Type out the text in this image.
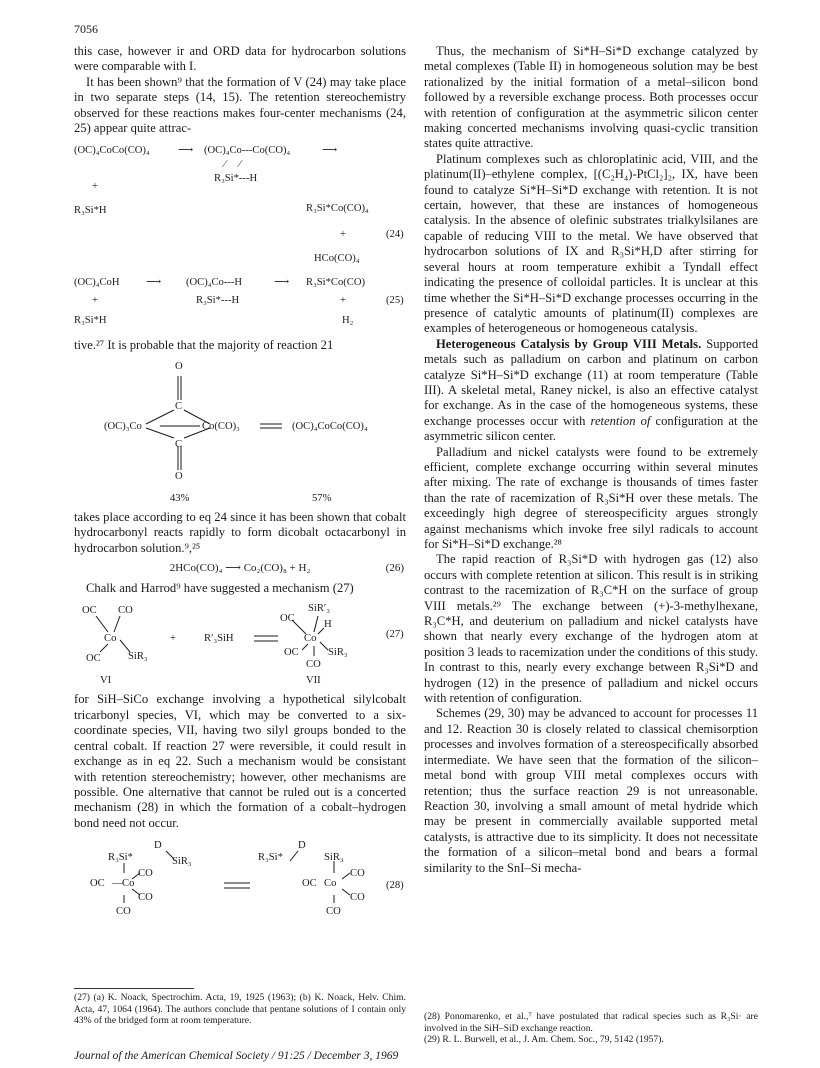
7056

this case, however ir and ORD data for hydrocarbon solutions were comparable with I.

It has been shown⁹ that the formation of V (24) may take place in two separate steps (14, 15). The retention stereochemistry observed for these reactions makes four-center mechanisms (24, 25) appear quite attrac-

(OC)₄CoCo(CO)₄	⟶ (OC)₄Co---Co(CO)₄	⟶
⁄     ⁄
R₃Si*---H
+
R₃Si*H	R₃Si*Co(CO)₄
+	(24)
HCo(CO)₄
(OC)₄CoH	⟶ (OC)₄Co---H	⟶ R₃Si*Co(CO)
+	R₃Si*---H	+	(25)
R₃Si*H	H₂

tive.²⁷ It is probable that the majority of reaction 21

O
C
(OC)₃Co	Co(CO)₃	(OC)₄CoCo(CO)₄
C
O
43%	57%

takes place according to eq 24 since it has been shown that cobalt hydrocarbonyl reacts rapidly to form dicobalt octacarbonyl in hydrocarbon solution.⁹,²⁵

2HCo(CO)₄ ⟶ Co₂(CO)₈ + H₂	(26)

Chalk and Harrod⁹ have suggested a mechanism (27)

OC CO
Co	+	R′₃SiH
OC	SiR₃
VI
SiR′₃
OC
H
(27)
Co
OC	SiR₃
CO
VII

for SiH–SiCo exchange involving a hypothetical silylcobalt tricarbonyl species, VI, which may be converted to a six-coordinate species, VII, having two silyl groups bonded to the central cobalt. If reaction 27 were reversible, it could result in exchange as in eq 22. Such a mechanism would be consistant with retention stereochemistry; however, other mechanisms are possible. One alternative that cannot be ruled out is a concerted mechanism (28) in which the formation of a cobalt–hydrogen bond need not occur.

D	D
R₃Si*	SiR₃	R₃Si*	SiR₃
CO	CO
OC — Co	OC Co	(28)
CO	CO
CO	CO

Thus, the mechanism of Si*H–Si*D exchange catalyzed by metal complexes (Table II) in homogeneous solution may be best rationalized by the initial formation of a metal–silicon bond followed by a reversible exchange process. Both processes occur with retention of configuration at the asymmetric silicon center making concerted mechanisms involving quasi-cyclic transition states quite attractive.

Platinum complexes such as chloroplatinic acid, VIII, and the platinum(II)–ethylene complex, [(C₂H₄)-PtCl₂]₂, IX, have been found to catalyze Si*H–Si*D exchange with retention. It is not certain, however, that these are instances of homogeneous catalysis. In the absence of olefinic substrates trialkylsilanes are capable of reducing VIII to the metal. We have observed that hydrocarbon solutions of IX and R₃Si*H,D after stirring for several hours at room temperature exhibit a Tyndall effect indicating the presence of colloidal particles. It is unclear at this time whether the Si*H–Si*D exchange processes occurring in the presence of catalytic amounts of platinum(II) complexes are examples of heterogeneous or homogeneous catalysis.

Heterogeneous Catalysis by Group VIII Metals. Supported metals such as palladium on carbon and platinum on carbon catalyze Si*H–Si*D exchange (11) at room temperature (Table III). A skeletal metal, Raney nickel, is also an effective catalyst for exchange. As in the case of the homogeneous systems, these exchange processes occur with retention of configuration at the asymmetric silicon center.

Palladium and nickel catalysts were found to be extremely efficient, complete exchange occurring within several minutes after mixing. The rate of exchange is thousands of times faster than the rate of racemization of R₃Si*H over these metals. The exceedingly high degree of stereospecificity argues strongly against mechanisms which invoke free silyl radicals to account for Si*H–Si*D exchange.²⁸

The rapid reaction of R₃Si*D with hydrogen gas (12) also occurs with complete retention at silicon. This result is in striking contrast to the racemization of R₃C*H on the surface of group VIII metals.²⁹ The exchange between (+)-3-methylhexane, R₃C*H, and deuterium on palladium and nickel catalysts have shown that nearly every exchange of the hydrogen atom at position 3 leads to racemization under the conditions of this study. In contrast to this, nearly every exchange between R₃Si*D and hydrogen (12) in the presence of palladium and nickel occurs with retention of configuration.

Schemes (29, 30) may be advanced to account for processes 11 and 12. Reaction 30 is closely related to classical chemisorption processes and involves formation of a stereospecifically absorbed intermediate. We have seen that the formation of the silicon–metal bond with group VIII metal complexes occurs with retention; thus the surface reaction 29 is not unreasonable. Reaction 30, involving a small amount of metal hydride which may be present in commercially available supported metal catalysts, is attractive due to its simplicity. It does not necessitate the formation of a silicon–metal bond and bears a formal similarity to the SnI–Si mecha-

(27) (a) K. Noack, Spectrochim. Acta, 19, 1925 (1963); (b) K. Noack, Helv. Chim. Acta, 47, 1064 (1964). The authors conclude that pentane solutions of I contain only 43% of the bridged form at room temperature.	(28) Ponomarenko, et al.,⁷ have postulated that radical species such as R₃Si· are involved in the SiH–SiD exchange reaction.
(29) R. L. Burwell, et al., J. Am. Chem. Soc., 79, 5142 (1957).
Journal of the American Chemical Society / 91:25 / December 3, 1969
